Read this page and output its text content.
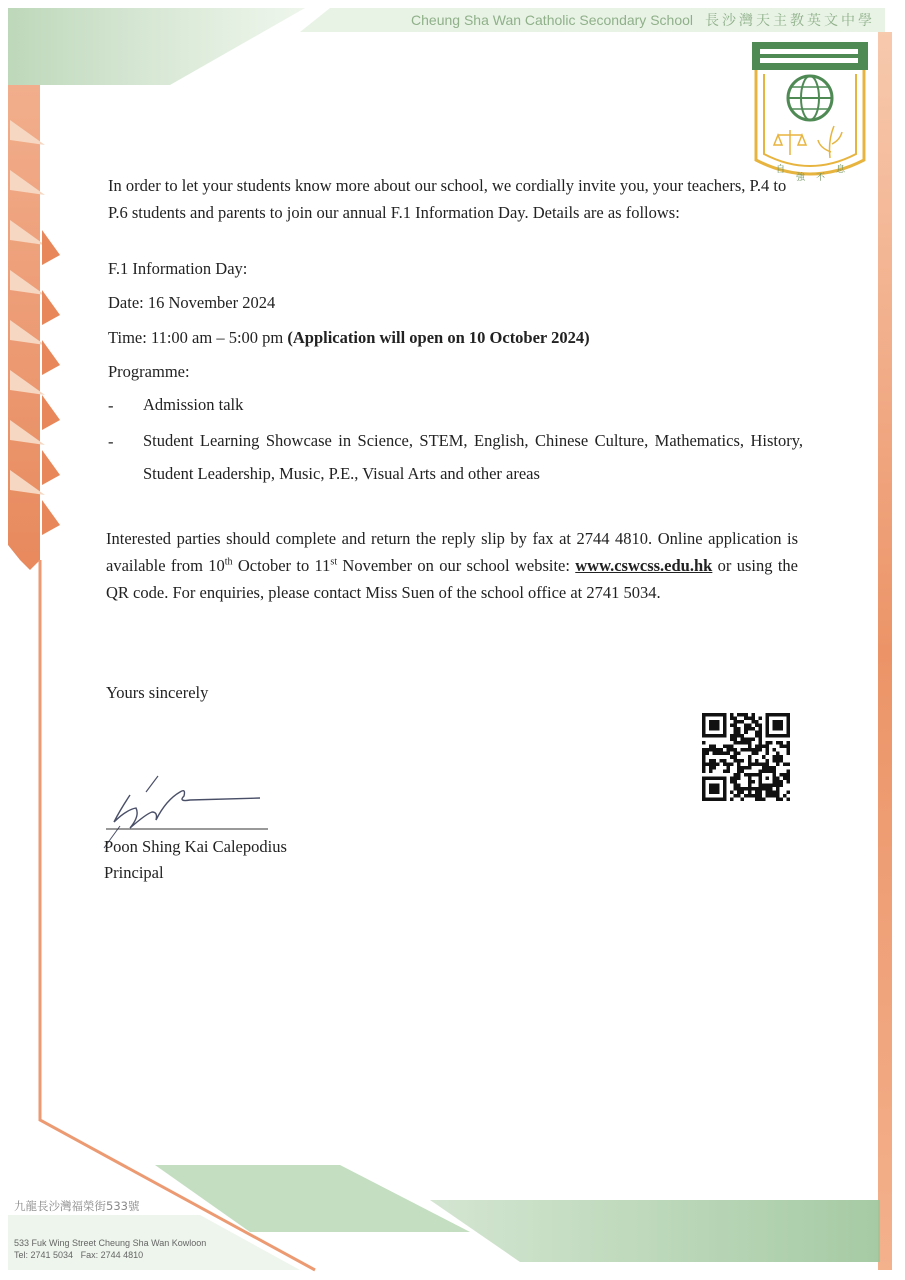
Cheung Sha Wan Catholic Secondary School 長沙灣天主教英文中學
自
強 不
息
In order to let your students know more about our school, we cordially invite you, your teachers, P.4 to P.6 students and parents to join our annual F.1 Information Day. Details are as follows:
F.1 Information Day:
Date: 16 November 2024
Time: 11:00 am – 5:00 pm (Application will open on 10 October 2024)
Programme:
- Admission talk
- Student Learning Showcase in Science, STEM, English, Chinese Culture, Mathematics, History, Student Leadership, Music, P.E., Visual Arts and other areas
Interested parties should complete and return the reply slip by fax at 2744 4810. Online application is available from 10th October to 11st November on our school website: www.cswcss.edu.hk or using the QR code. For enquiries, please contact Miss Suen of the school office at 2741 5034.
Yours sincerely
Poon Shing Kai Calepodius
Principal
九龍長沙灣福榮街533號
533 Fuk Wing Street Cheung Sha Wan Kowloon
Tel: 2741 5034 Fax: 2744 4810
